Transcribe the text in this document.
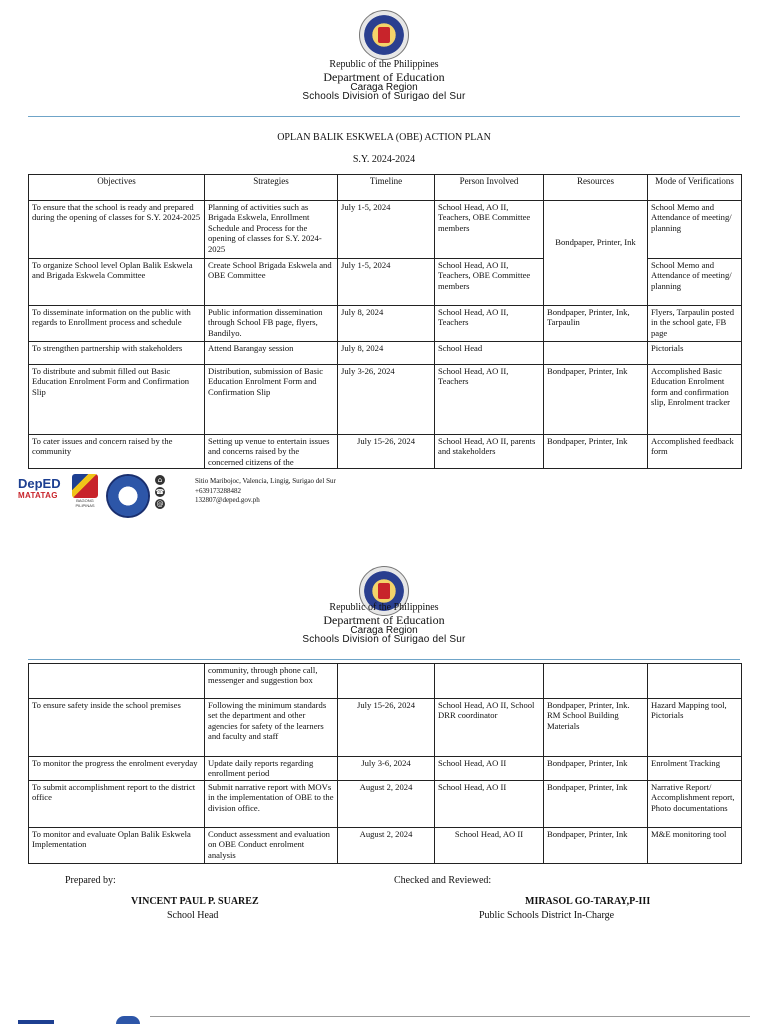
Republic of the Philippines
Department of Education
Caraga Region
Schools Division of Surigao del Sur
OPLAN BALIK ESKWELA (OBE) ACTION PLAN
S.Y. 2024-2024
Objectives	Strategies	Timeline	Person Involved	Resources	Mode of Verifications
To ensure that the school is ready and prepared during the opening of classes for S.Y. 2024-2025	Planning of activities such as Brigada Eskwela, Enrollment Schedule and Process for the opening of classes for S.Y. 2024-2025	July 1-5, 2024	School Head, AO II, Teachers, OBE Committee members	Bondpaper, Printer, Ink	School Memo and Attendance of meeting/ planning
To organize School level Oplan Balik Eskwela and Brigada Eskwela Committee	Create School Brigada Eskwela and OBE Committee	July 1-5, 2024	School Head, AO II, Teachers, OBE Committee members		School Memo and Attendance of meeting/ planning
To disseminate information on the public with regards to Enrollment process and schedule	Public information dissemination through School FB page, flyers, Bandilyo.	July 8, 2024	School Head, AO II, Teachers	Bondpaper, Printer, Ink, Tarpaulin	Flyers, Tarpaulin posted in the school gate, FB page
To strengthen partnership with stakeholders	Attend Barangay session	July 8, 2024	School Head		Pictorials
To distribute and submit filled out Basic Education Enrolment Form and Confirmation Slip	Distribution, submission of Basic Education Enrolment Form and Confirmation Slip	July 3-26, 2024	School Head, AO II, Teachers	Bondpaper, Printer, Ink	Accomplished Basic Education Enrolment form and confirmation slip, Enrolment tracker
To cater issues and concern raised by the community	Setting up venue to entertain issues and concerns raised by the concerned citizens of the	July 15-26, 2024	School Head, AO II, parents and stakeholders	Bondpaper, Printer, Ink	Accomplished feedback form
DepED
MATATAG
BAGONG PILIPINAS
⌂
☎
@
Sitio Maribojoc, Valencia, Lingig, Surigao del Sur
+639173288482
132807@deped.gov.ph
Republic of the Philippines
Department of Education
Caraga Region
Schools Division of Surigao del Sur
	community, through phone call, messenger and suggestion box				
To ensure safety inside the school premises	Following the minimum standards set the department and other agencies for safety of the learners and faculty and staff	July 15-26, 2024	School Head, AO II, School DRR coordinator	Bondpaper, Printer, Ink. RM School Building Materials	Hazard Mapping tool, Pictorials
To monitor the progress the enrolment everyday	Update daily reports regarding enrollment period	July 3-6, 2024	School Head, AO II	Bondpaper, Printer, Ink	Enrolment Tracking
To submit accomplishment report to the district office	Submit narrative report with MOVs in the implementation of OBE to the division office.	August 2, 2024	School Head, AO II	Bondpaper, Printer, Ink	Narrative Report/ Accomplishment report, Photo documentations
To monitor and evaluate Oplan Balik Eskwela Implementation	Conduct assessment and evaluation on OBE Conduct enrolment analysis	August 2, 2024	School Head, AO II	Bondpaper, Printer, Ink	M&E monitoring tool
Prepared by:
VINCENT PAUL P. SUAREZ
School Head
Checked and Reviewed:
MIRASOL GO-TARAY,P-III
Public Schools District In-Charge
